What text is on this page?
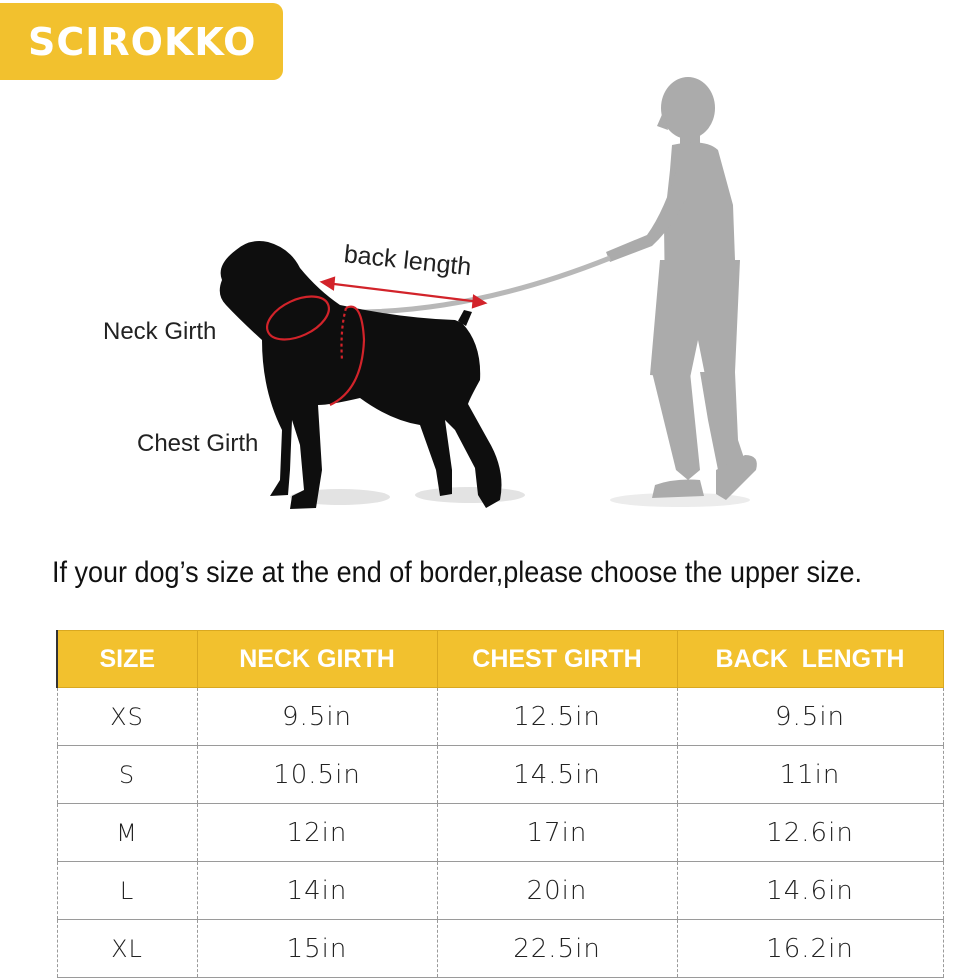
SCIROKKO
back length
Neck Girth
Chest Girth
If your dog’s size at the end of border,please choose the upper size.
SIZE	NECK GIRTH	CHEST GIRTH	BACK  LENGTH
XS	9.5in	12.5in	9.5in
S	10.5in	14.5in	11in
M	12in	17in	12.6in
L	14in	20in	14.6in
XL	15in	22.5in	16.2in
